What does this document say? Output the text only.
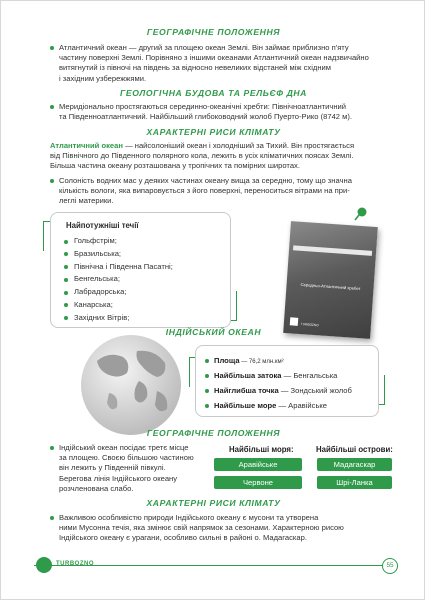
ГЕОГРАФІЧНЕ ПОЛОЖЕННЯ
Атлантичний океан — другий за площею океан Землі. Він займає приблизно п'яту
частину поверхні Землі. Порівняно з іншими океанами Атлантичний океан надзвичайно
витягнутий із півночі на південь за відносно невеликих відстаней між східним
і західним узбережжями.
ГЕОЛОГІЧНА БУДОВА ТА РЕЛЬЄФ ДНА
Меридіонально простягаються серединно-океанічні хребти: Північноатлантичний
та Південноатлантичний. Найбільший глибоководний жолоб Пуерто-Рико (8742 м).
ХАРАКТЕРНІ РИСИ КЛІМАТУ
Атлантичний океан — найсолоніший океан і холодніший за Тихий. Він простягається
від Північного до Південного полярного кола, лежить в усіх кліматичних поясах Землі.
Більша частина океану розташована у тропічних та помірних широтах.
Солоність водних мас у деяких частинах океану вища за середню, тому що значна
кількість вологи, яка випаровується з його поверхні, переноситься вітрами на при-
леглі материки.
Найпотужніші течії
Гольфстрім;
Бразильська;
Північна і Південна Пасатні;
Бенгельська;
Лабрадорська;
Канарська;
Західних Вітрів;
Середньо-Атлантичний хребет
TURBOZNO
ІНДІЙСЬКИЙ ОКЕАН
Площа — 76,2 млн.км²
Найбільша затока — Бенгальська
Найглибша точка — Зондський жолоб
Найбільше море — Аравійське
ГЕОГРАФІЧНЕ ПОЛОЖЕННЯ
Індійський океан посідає третє місце
за площею. Своєю більшою частиною
він лежить у Південній півкулі.
Берегова лінія Індійського океану
розчленована слабо.
Найбільші моря:
Аравійське
Червоне
Найбільші острови:
Мадагаскар
Шрі-Ланка
ХАРАКТЕРНІ РИСИ КЛІМАТУ
Важливою особливістю природи Індійського океану є мусони та утворена
ними Мусонна течія, яка змінює свій напрямок за сезонами. Характерною рисою
Індійського океану є урагани, особливо сильні в районі о. Мадагаскар.
TURBOZNO	55
